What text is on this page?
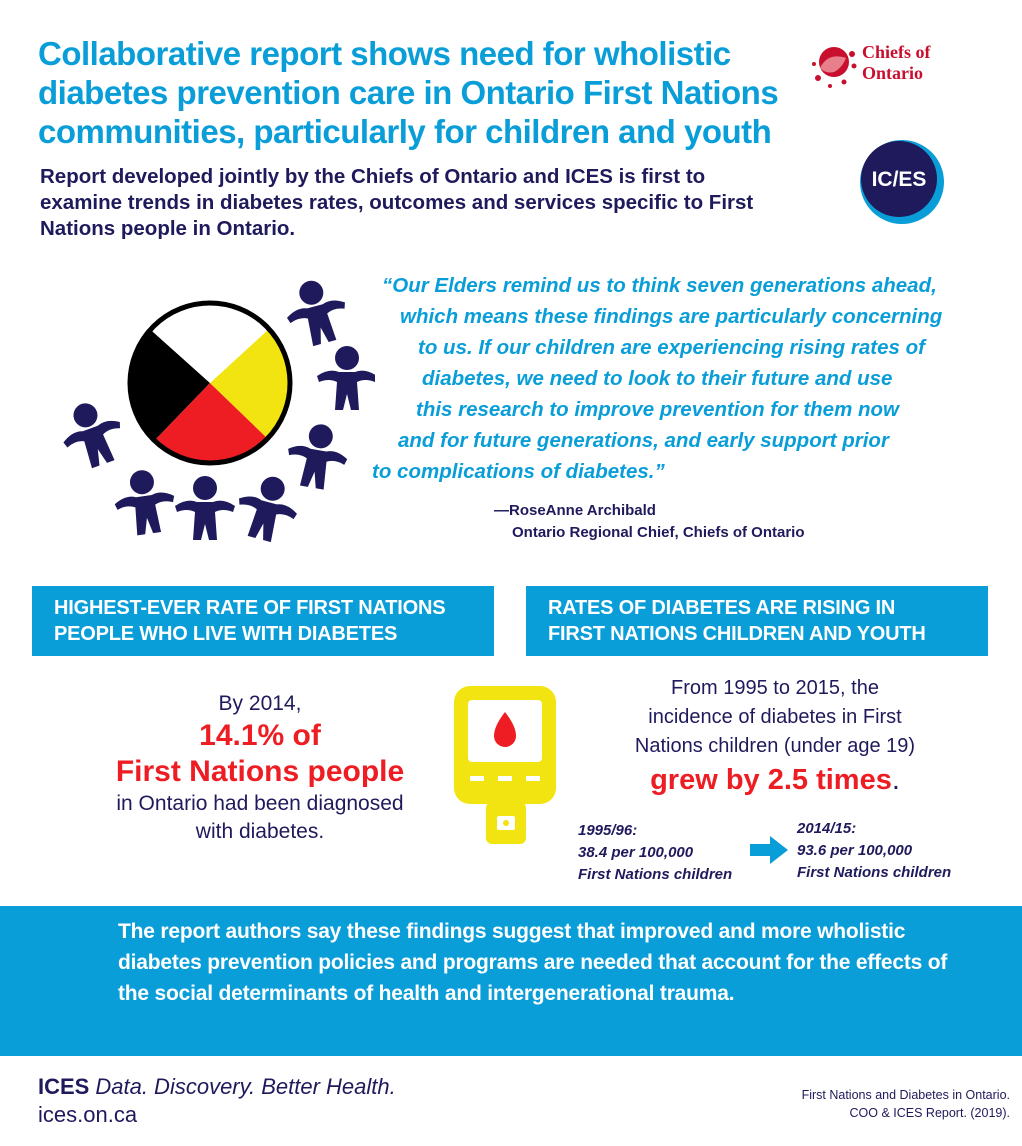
Collaborative report shows need for wholistic diabetes prevention care in Ontario First Nations communities, particularly for children and youth

Report developed jointly by the Chiefs of Ontario and ICES is first to examine trends in diabetes rates, outcomes and services specific to First Nations people in Ontario.

Chiefs of
Ontario
IC/ES
“Our Elders remind us to think seven generations ahead,
which means these findings are particularly concerning
to us. If our children are experiencing rising rates of
diabetes, we need to look to their future and use
this research to improve prevention for them now
and for future generations, and early support prior
to complications of diabetes.”
—RoseAnne Archibald
Ontario Regional Chief, Chiefs of Ontario
HIGHEST-EVER RATE OF FIRST NATIONS
PEOPLE WHO LIVE WITH DIABETES
RATES OF DIABETES ARE RISING IN
FIRST NATIONS CHILDREN AND YOUTH
By 2014,
14.1% of
First Nations people
in Ontario had been diagnosed
with diabetes.
From 1995 to 2015, the
incidence of diabetes in First
Nations children (under age 19)
grew by 2.5 times.
1995/96:
38.4 per 100,000
First Nations children
2014/15:
93.6 per 100,000
First Nations children

The report authors say these findings suggest that improved and more wholistic diabetes prevention policies and programs are needed that account for the effects of the social determinants of health and intergenerational trauma.

ICES Data. Discovery. Better Health.
ices.on.ca
First Nations and Diabetes in Ontario.
COO & ICES Report. (2019).
